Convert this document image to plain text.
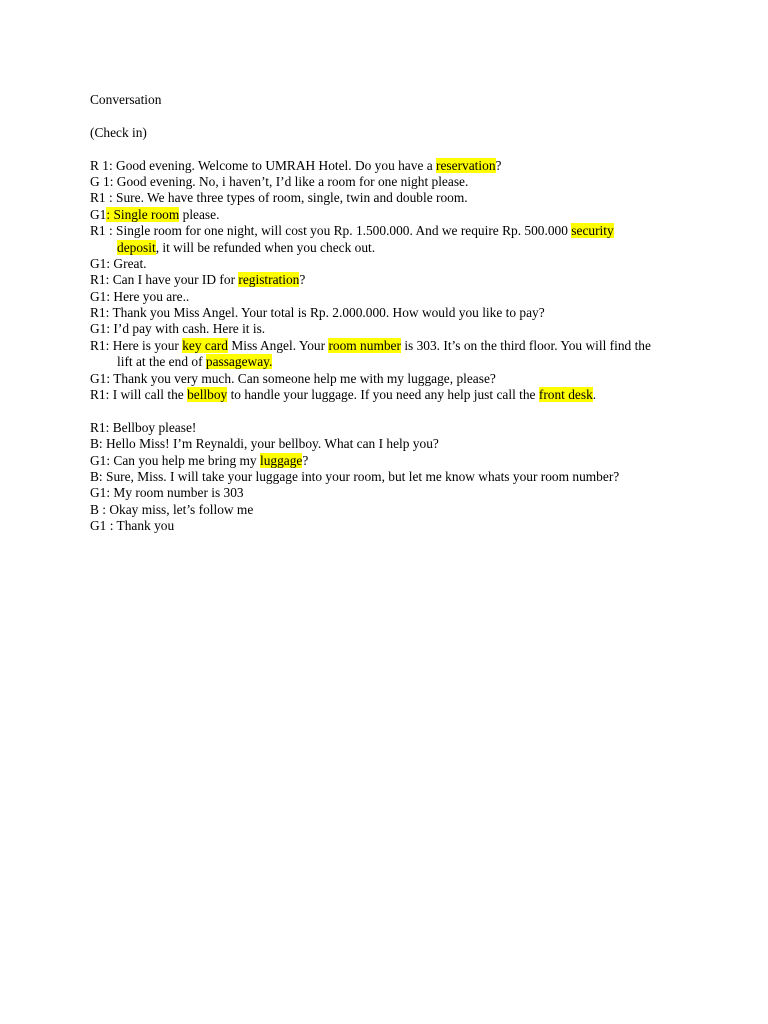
Conversation
(Check in)
R 1: Good evening. Welcome to UMRAH Hotel. Do you have a reservation?
G 1: Good evening. No, i haven’t, I’d like a room for one night please.
R1 : Sure. We have three types of room, single, twin and double room.
G1: Single room please.
R1 : Single room for one night, will cost you Rp. 1.500.000. And we require Rp. 500.000 security
deposit, it will be refunded when you check out.
G1: Great.
R1: Can I have your ID for registration?
G1: Here you are..
R1: Thank you Miss Angel. Your total is Rp. 2.000.000. How would you like to pay?
G1: I’d pay with cash. Here it is.
R1: Here is your key card Miss Angel. Your room number is 303. It’s on the third floor. You will find the
lift at the end of passageway.
G1: Thank you very much. Can someone help me with my luggage, please?
R1: I will call the bellboy to handle your luggage. If you need any help just call the front desk.
R1: Bellboy please!
B: Hello Miss! I’m Reynaldi, your bellboy. What can I help you?
G1: Can you help me bring my luggage?
B: Sure, Miss. I will take your luggage into your room, but let me know whats your room number?
G1: My room number is 303
B : Okay miss, let’s follow me
G1 : Thank you
